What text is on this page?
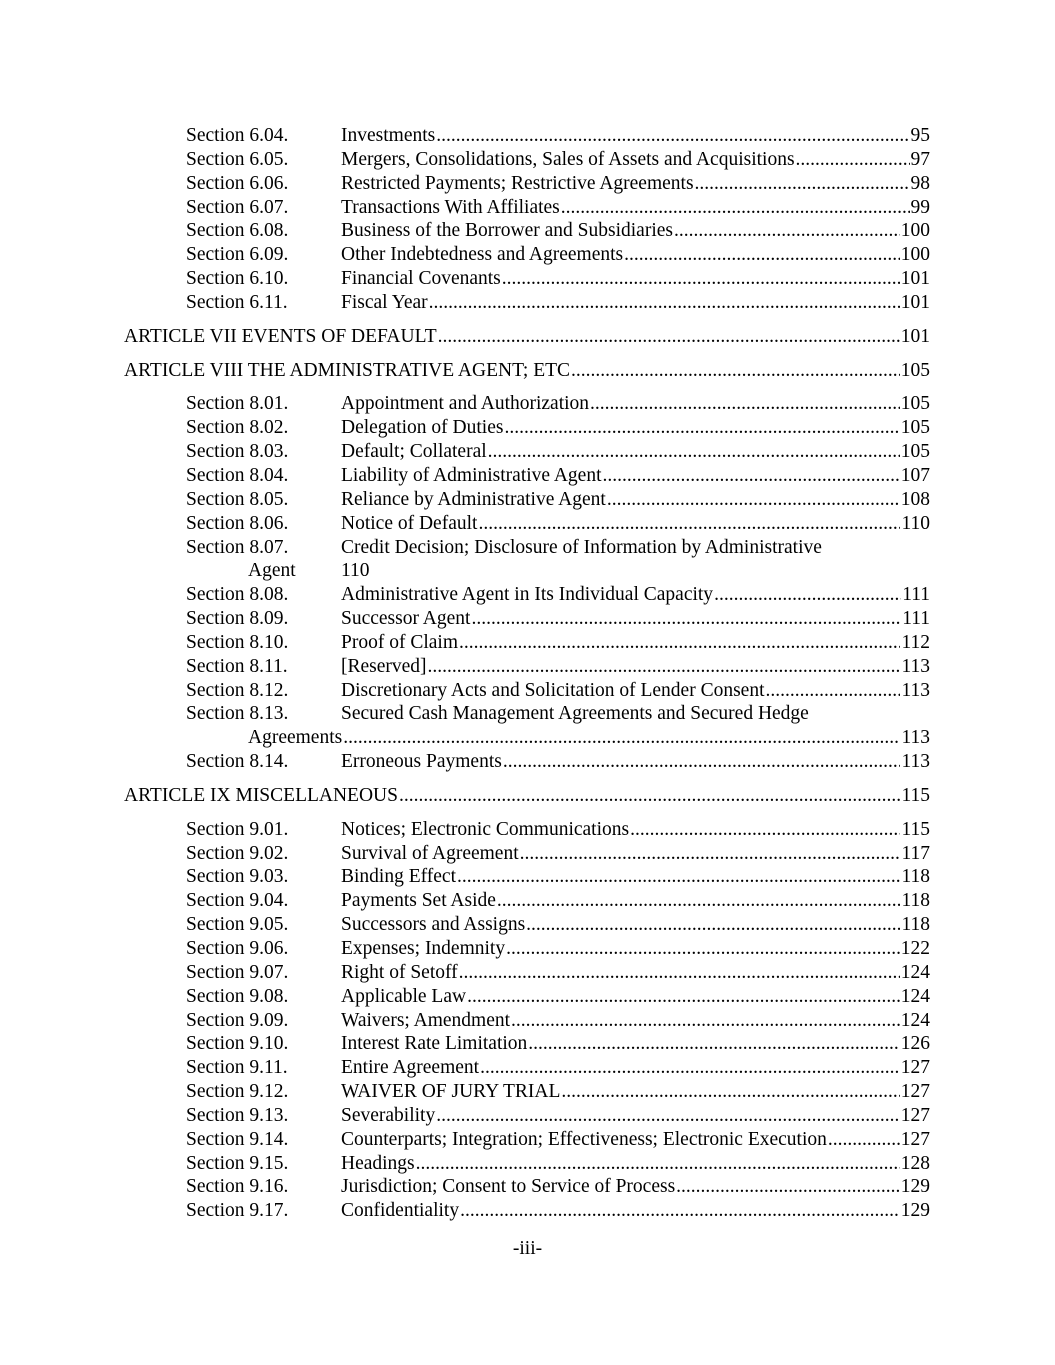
Section 6.04.	Investments .....	95
Section 6.05.	Mergers, Consolidations, Sales of Assets and Acquisitions .....	97
Section 6.06.	Restricted Payments; Restrictive Agreements .....	98
Section 6.07.	Transactions With Affiliates .....	99
Section 6.08.	Business of the Borrower and Subsidiaries .....	100
Section 6.09.	Other Indebtedness and Agreements .....	100
Section 6.10.	Financial Covenants .....	101
Section 6.11.	Fiscal Year .....	101
ARTICLE VII EVENTS OF DEFAULT .....	101
ARTICLE VIII THE ADMINISTRATIVE AGENT; ETC .....	105
Section 8.01.	Appointment and Authorization .....	105
Section 8.02.	Delegation of Duties .....	105
Section 8.03.	Default; Collateral .....	105
Section 8.04.	Liability of Administrative Agent .....	107
Section 8.05.	Reliance by Administrative Agent .....	108
Section 8.06.	Notice of Default .....	110
Section 8.07.	Credit Decision; Disclosure of Information by Administrative
Agent 110
Section 8.08.	Administrative Agent in Its Individual Capacity .....	111
Section 8.09.	Successor Agent .....	111
Section 8.10.	Proof of Claim .....	112
Section 8.11.	[Reserved] .....	113
Section 8.12.	Discretionary Acts and Solicitation of Lender Consent .....	113
Section 8.13.	Secured Cash Management Agreements and Secured Hedge
Agreements .....	113
Section 8.14.	Erroneous Payments .....	113
ARTICLE IX MISCELLANEOUS .....	115
Section 9.01.	Notices; Electronic Communications .....	115
Section 9.02.	Survival of Agreement .....	117
Section 9.03.	Binding Effect .....	118
Section 9.04.	Payments Set Aside .....	118
Section 9.05.	Successors and Assigns .....	118
Section 9.06.	Expenses; Indemnity .....	122
Section 9.07.	Right of Setoff .....	124
Section 9.08.	Applicable Law .....	124
Section 9.09.	Waivers; Amendment .....	124
Section 9.10.	Interest Rate Limitation .....	126
Section 9.11.	Entire Agreement .....	127
Section 9.12.	WAIVER OF JURY TRIAL .....	127
Section 9.13.	Severability .....	127
Section 9.14.	Counterparts; Integration; Effectiveness; Electronic Execution .....	127
Section 9.15.	Headings .....	128
Section 9.16.	Jurisdiction; Consent to Service of Process .....	129
Section 9.17.	Confidentiality .....	129
-iii-
